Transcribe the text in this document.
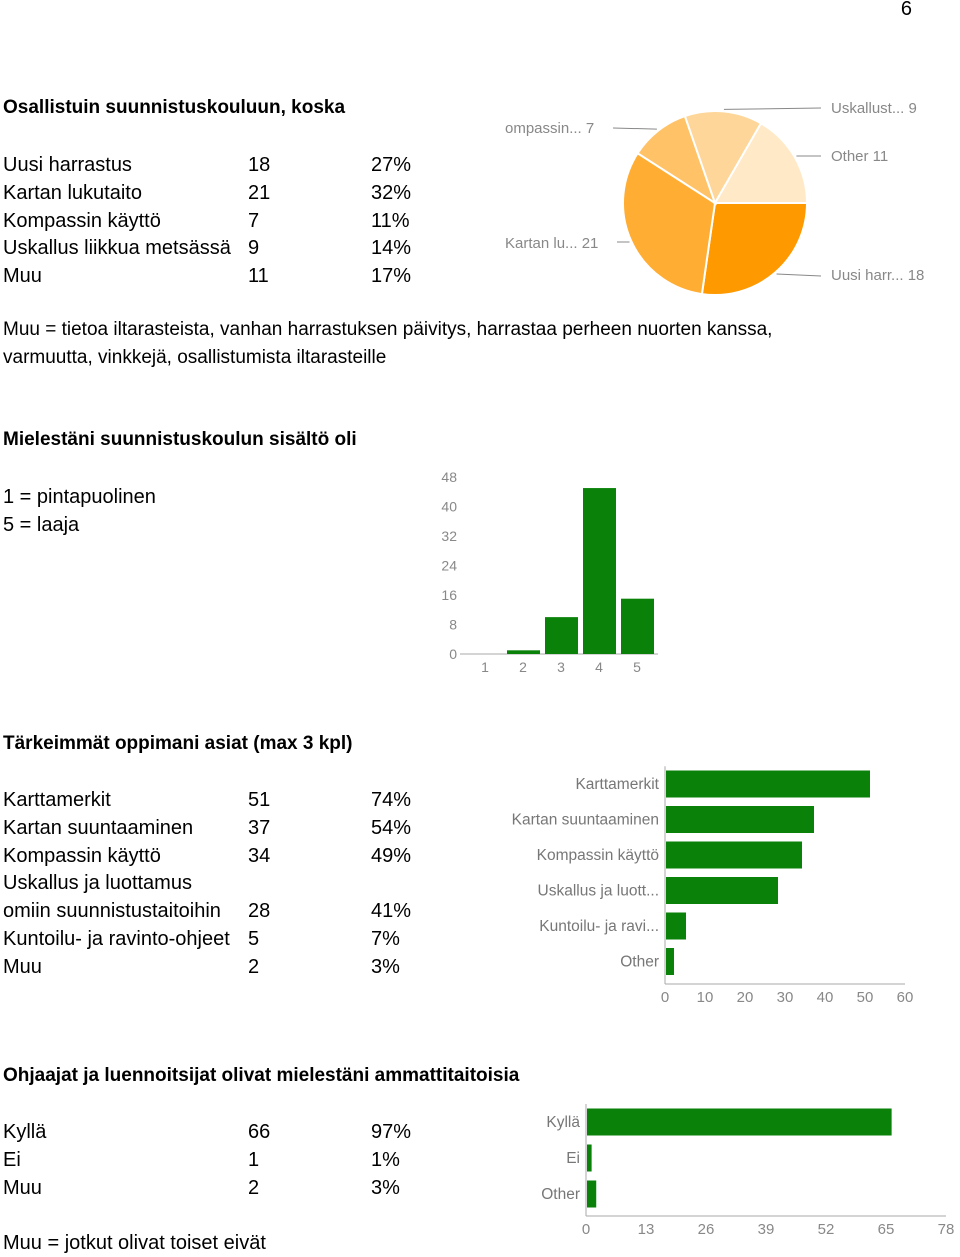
6
Osallistuin suunnistuskouluun, koska
Uusi harrastus	18	27%
Kartan lukutaito	21	32%
Kompassin käyttö	7	11%
Uskallus liikkua metsässä 9	14%
Muu	11	17%
Muu = tietoa iltarasteista, vanhan harrastuksen päivitys, harrastaa perheen nuorten kanssa,
varmuutta, vinkkejä, osallistumista iltarasteille
Uusi harr... 18
Kartan lu... 21
ompassin... 7
Uskallust... 9
Other 11
Mielestäni suunnistuskoulun sisältö oli
1 = pintapuolinen
5 = laaja
0
8
16
24
32
40
48
1 2 3 4 5
Tärkeimmät oppimani asiat (max 3 kpl)
Karttamerkit	51	74%
Kartan suuntaaminen	37	54%
Kompassin käyttö	34	49%
Uskallus ja luottamus
omiin suunnistustaitoihin 28	41%
Kuntoilu- ja ravinto-ohjeet 5	7%
Muu	2	3%
Karttamerkit
Kartan suuntaaminen
Kompassin käyttö
Uskallus ja luott...
Kuntoilu- ja ravi...
Other
0 10 20 30 40 50 60
Ohjaajat ja luennoitsijat olivat mielestäni ammattitaitoisia
Kyllä	66	97%
Ei	1	1%
Muu	2	3%
Muu = jotkut olivat toiset eivät
Kyllä
Ei
Other
0	13	26	39	52	65	78
